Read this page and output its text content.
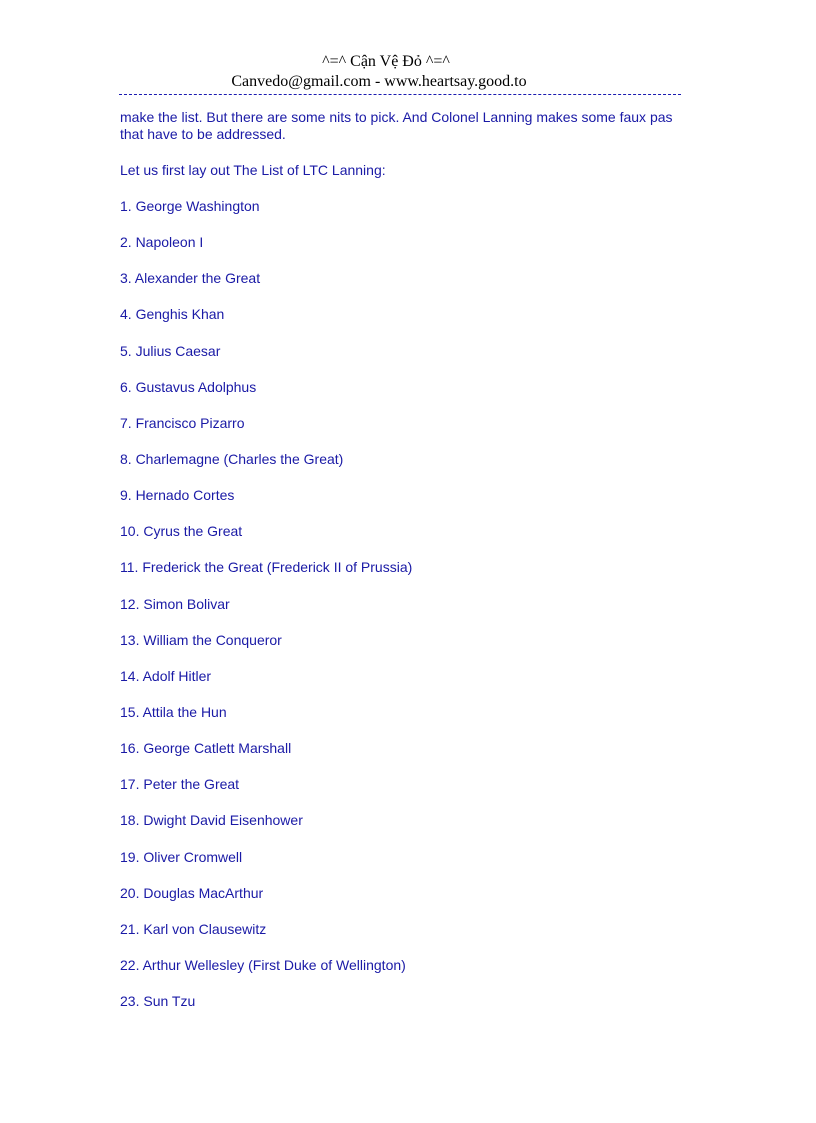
^=^ Cận Vệ Đỏ ^=^
Canvedo@gmail.com - www.heartsay.good.to

make the list. But there are some nits to pick. And Colonel Lanning makes some faux pas that have to be addressed.

Let us first lay out The List of LTC Lanning:

1. George Washington
2. Napoleon I
3. Alexander the Great
4. Genghis Khan
5. Julius Caesar
6. Gustavus Adolphus
7. Francisco Pizarro
8. Charlemagne (Charles the Great)
9. Hernado Cortes
10. Cyrus the Great
11. Frederick the Great (Frederick II of Prussia)
12. Simon Bolivar
13. William the Conqueror
14. Adolf Hitler
15. Attila the Hun
16. George Catlett Marshall
17. Peter the Great
18. Dwight David Eisenhower
19. Oliver Cromwell
20. Douglas MacArthur
21. Karl von Clausewitz
22. Arthur Wellesley (First Duke of Wellington)
23. Sun Tzu
